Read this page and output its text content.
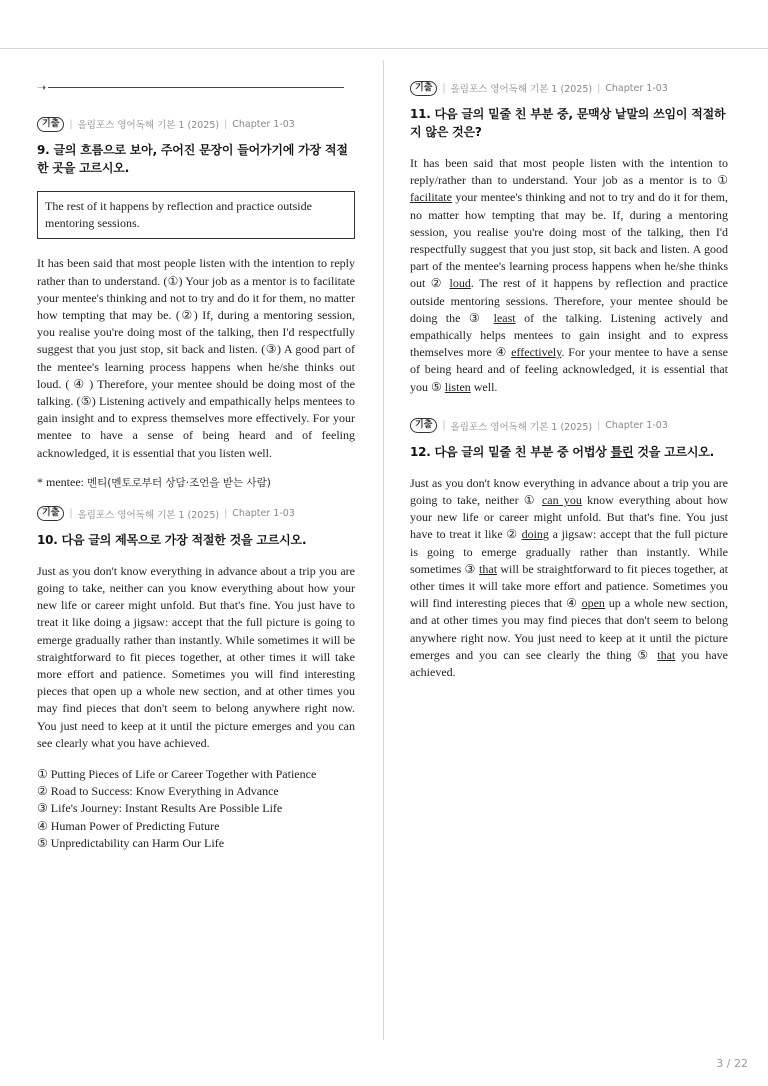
➝
기출	| 올림포스 영어독해 기본 1 (2025) | Chapter 1-03
9. 글의 흐름으로 보아, 주어진 문장이 들어가기에 가장 적절한 곳을 고르시오.
The rest of it happens by reflection and practice outside mentoring sessions.

It has been said that most people listen with the intention to reply rather than to understand. (①) Your job as a mentor is to facilitate your mentee's thinking and not to try and do it for them, no matter how tempting that may be. (②) If, during a mentoring session, you realise you're doing most of the talking, then I'd respectfully suggest that you just stop, sit back and listen. (③) A good part of the mentee's learning process happens when he/she thinks out loud. ( ④ ) Therefore, your mentee should be doing most of the talking. (⑤) Listening actively and empathically helps mentees to gain insight and to express themselves more effectively. For your mentee to have a sense of being heard and of feeling acknowledged, it is essential that you listen well.

* mentee: 멘티(멘토로부터 상담·조언을 받는 사람)
기출	| 올림포스 영어독해 기본 1 (2025) | Chapter 1-03
10. 다음 글의 제목으로 가장 적절한 것을 고르시오.

Just as you don't know everything in advance about a trip you are going to take, neither can you know everything about how your new life or career might unfold. But that's fine. You just have to treat it like doing a jigsaw: accept that the full picture is going to emerge gradually rather than instantly. While sometimes it will be straightforward to fit pieces together, at other times it will take more effort and patience. Sometimes you will find interesting pieces that open up a whole new section, and at other times you may find pieces that don't seem to belong anywhere right now. You just need to keep at it until the picture emerges and you can see clearly what you have achieved.

① Putting Pieces of Life or Career Together with Patience
② Road to Success: Know Everything in Advance
③ Life's Journey: Instant Results Are Possible Life
④ Human Power of Predicting Future
⑤ Unpredictability can Harm Our Life
기출	| 올림포스 영어독해 기본 1 (2025) | Chapter 1-03
11. 다음 글의 밑줄 친 부분 중, 문맥상 낱말의 쓰임이 적절하지 않은 것은?

It has been said that most people listen with the intention to reply/rather than to understand. Your job as a mentor is to ① facilitate your mentee's thinking and not to try and do it for them, no matter how tempting that may be. If, during a mentoring session, you realise you're doing most of the talking, then I'd respectfully suggest that you just stop, sit back and listen. A good part of the mentee's learning process happens when he/she thinks out ② loud. The rest of it happens by reflection and practice outside mentoring sessions. Therefore, your mentee should be doing the ③ least of the talking. Listening actively and empathically helps mentees to gain insight and to express themselves more ④ effectively. For your mentee to have a sense of being heard and of feeling acknowledged, it is essential that you ⑤ listen well.

기출	| 올림포스 영어독해 기본 1 (2025) | Chapter 1-03
12. 다음 글의 밑줄 친 부분 중 어법상 틀린 것을 고르시오.

Just as you don't know everything in advance about a trip you are going to take, neither ① can you know everything about how your new life or career might unfold. But that's fine. You just have to treat it like ② doing a jigsaw: accept that the full picture is going to emerge gradually rather than instantly. While sometimes ③ that will be straightforward to fit pieces together, at other times it will take more effort and patience. Sometimes you will find interesting pieces that ④ open up a whole new section, and at other times you may find pieces that don't seem to belong anywhere right now. You just need to keep at it until the picture emerges and you can see clearly the thing ⑤ that you have achieved.

3 / 22
